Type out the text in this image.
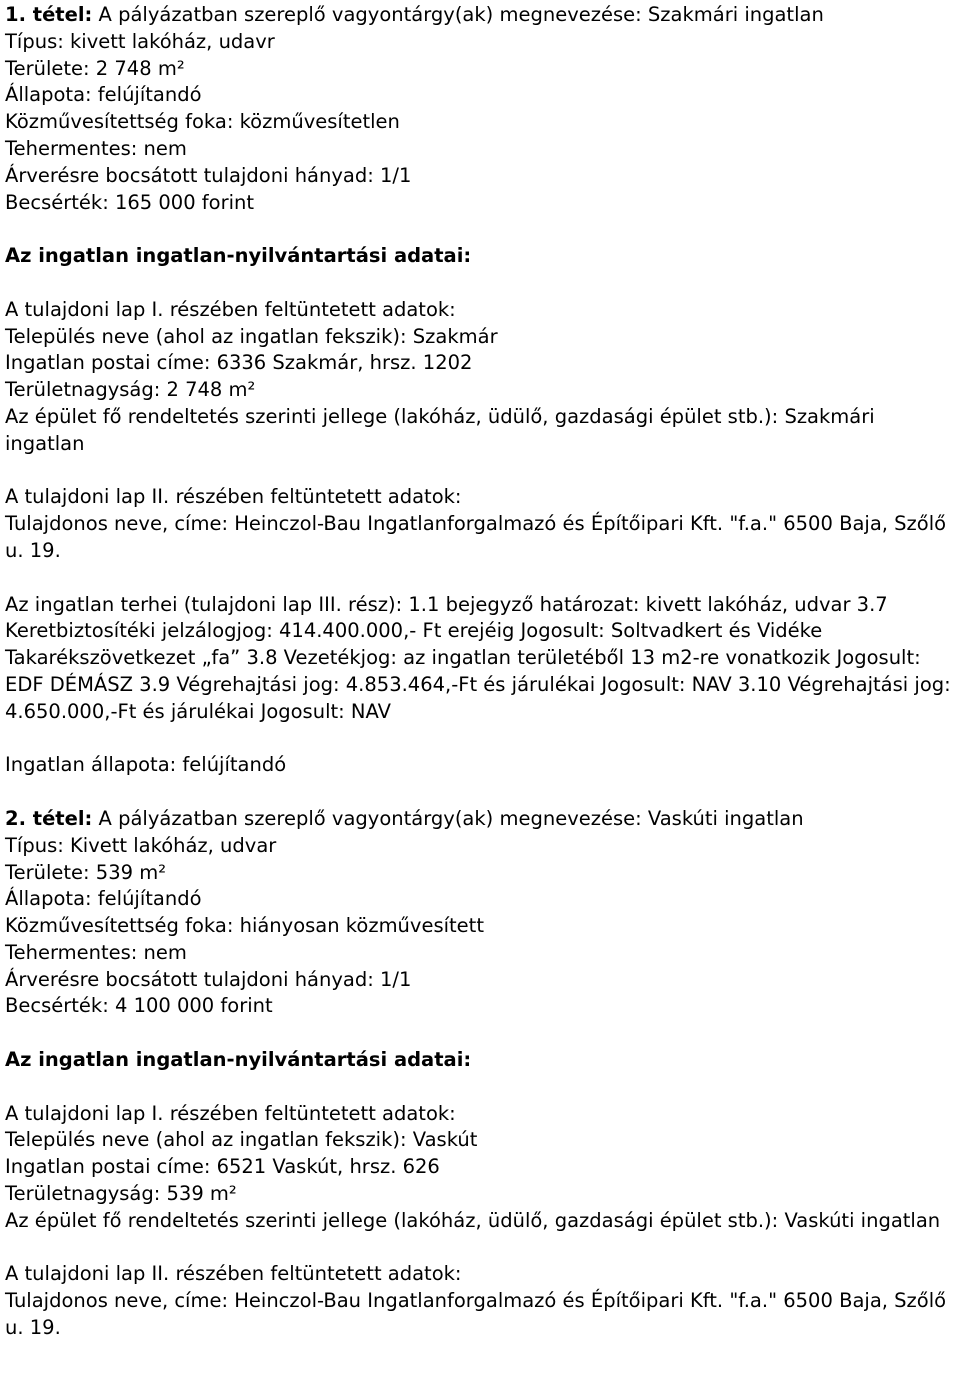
1. tétel: A pályázatban szereplő vagyontárgy(ak) megnevezése: Szakmári ingatlan
Típus: kivett lakóház, udavr
Területe: 2 748 m²
Állapota: felújítandó
Közművesítettség foka: közművesítetlen
Tehermentes: nem
Árverésre bocsátott tulajdoni hányad: 1/1
Becsérték: 165 000 forint
Az ingatlan ingatlan-nyilvántartási adatai:
A tulajdoni lap I. részében feltüntetett adatok:
Település neve (ahol az ingatlan fekszik): Szakmár
Ingatlan postai címe: 6336 Szakmár, hrsz. 1202
Területnagyság: 2 748 m²
Az épület fő rendeltetés szerinti jellege (lakóház, üdülő, gazdasági épület stb.): Szakmári ingatlan
A tulajdoni lap II. részében feltüntetett adatok:
Tulajdonos neve, címe: Heinczol-Bau Ingatlanforgalmazó és Építőipari Kft. "f.a." 6500 Baja, Szőlő u. 19.
Az ingatlan terhei (tulajdoni lap III. rész): 1.1 bejegyző határozat: kivett lakóház, udvar 3.7 Keretbiztosítéki jelzálogjog: 414.400.000,- Ft erejéig Jogosult: Soltvadkert és Vidéke Takarékszövetkezet „fa” 3.8 Vezetékjog: az ingatlan területéből 13 m2-re vonatkozik Jogosult: EDF DÉMÁSZ 3.9 Végrehajtási jog: 4.853.464,-Ft és járulékai Jogosult: NAV 3.10 Végrehajtási jog: 4.650.000,-Ft és járulékai Jogosult: NAV
Ingatlan állapota: felújítandó
2. tétel: A pályázatban szereplő vagyontárgy(ak) megnevezése: Vaskúti ingatlan
Típus: Kivett lakóház, udvar
Területe: 539 m²
Állapota: felújítandó
Közművesítettség foka: hiányosan közművesített
Tehermentes: nem
Árverésre bocsátott tulajdoni hányad: 1/1
Becsérték: 4 100 000 forint
Az ingatlan ingatlan-nyilvántartási adatai:
A tulajdoni lap I. részében feltüntetett adatok:
Település neve (ahol az ingatlan fekszik): Vaskút
Ingatlan postai címe: 6521 Vaskút, hrsz. 626
Területnagyság: 539 m²
Az épület fő rendeltetés szerinti jellege (lakóház, üdülő, gazdasági épület stb.): Vaskúti ingatlan
A tulajdoni lap II. részében feltüntetett adatok:
Tulajdonos neve, címe: Heinczol-Bau Ingatlanforgalmazó és Építőipari Kft. "f.a." 6500 Baja, Szőlő u. 19.
